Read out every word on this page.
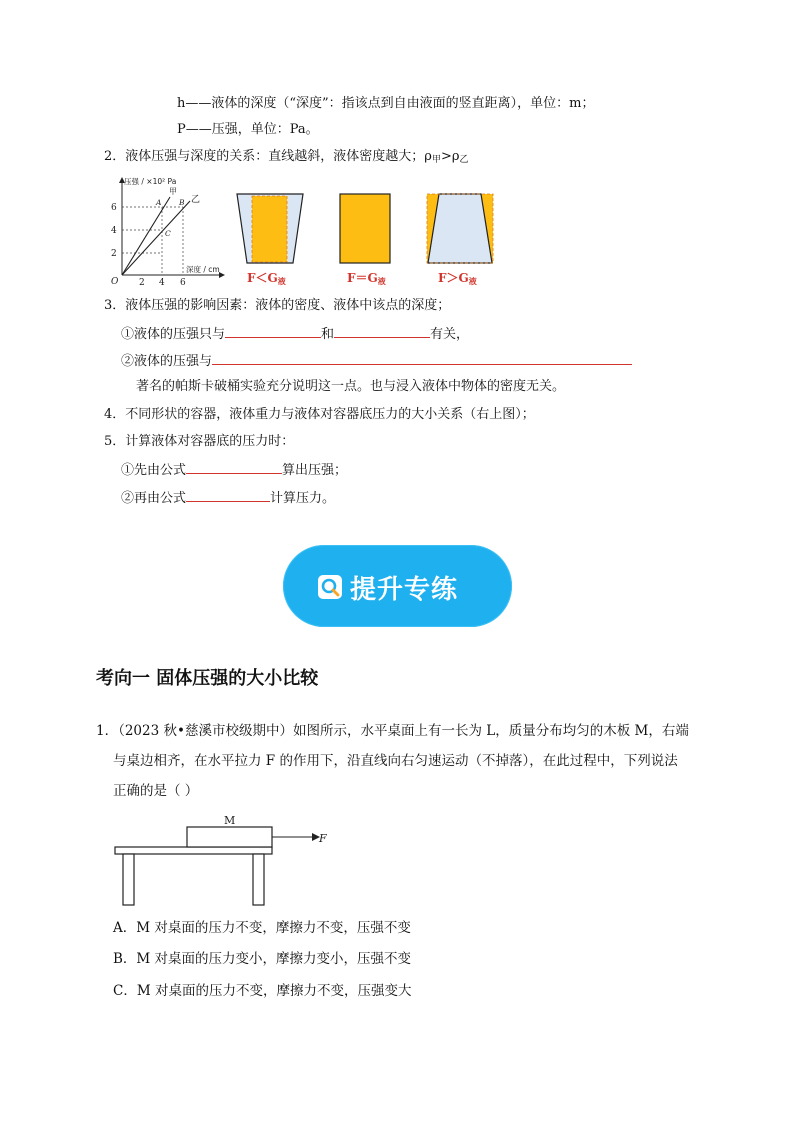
h——液体的深度（“深度”：指该点到自由液面的竖直距离），单位：m；
P——压强，单位：Pa。
2．液体压强与深度的关系：直线越斜，液体密度越大；$\rho_甲>\rho_乙$
压强 / ×10² Pa
深度 / cm
O
6
4
2
2 4 6
甲
乙
A B
C
$F<G_液$	$F=G_液$	$F>G_液$
3．液体压强的影响因素：液体的密度、液体中该点的深度；
①液体的压强只与	和	有关，
②液体的压强与
著名的帕斯卡破桶实验充分说明这一点。也与浸入液体中物体的密度无关。
4．不同形状的容器，液体重力与液体对容器底压力的大小关系（右上图）；
5．计算液体对容器底的压力时：
①先由公式	算出压强；
②再由公式	计算压力。
提升专练
考向一 固体压强的大小比较
1．（2023 秋•慈溪市校级期中）如图所示，水平桌面上有一长为 L，质量分布均匀的木板 M，右端
与桌边相齐，在水平拉力 F 的作用下，沿直线向右匀速运动（不掉落），在此过程中，下列说法
正确的是（ ）
M
F
A．M 对桌面的压力不变，摩擦力不变，压强不变
B．M 对桌面的压力变小，摩擦力变小，压强不变
C．M 对桌面的压力不变，摩擦力不变，压强变大
